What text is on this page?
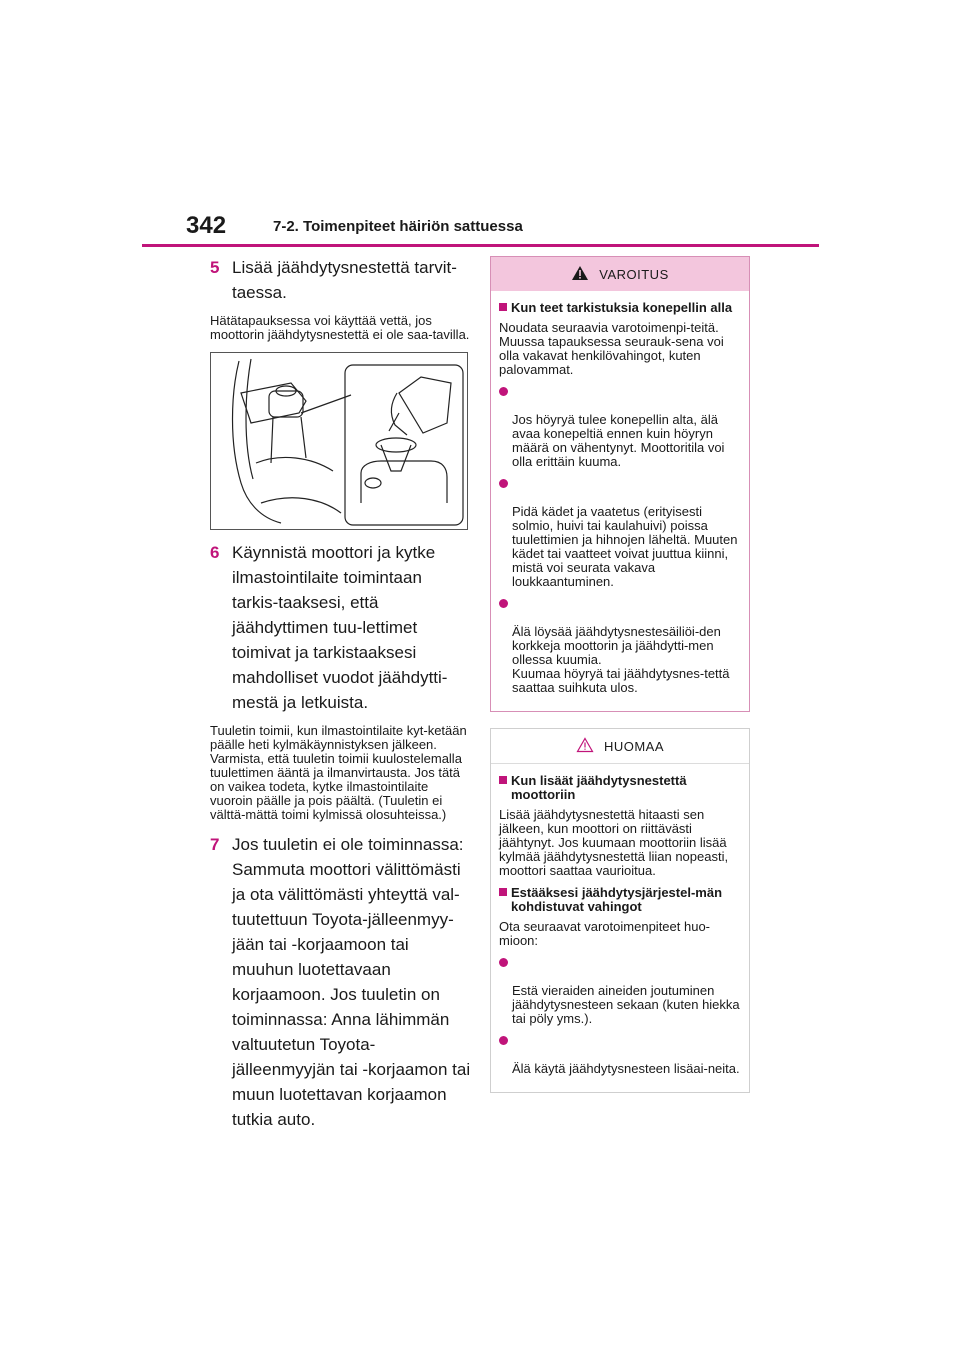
342	7-2. Toimenpiteet häiriön sattuessa
5 Lisää jäähdytysnestettä tarvit-taessa.
Hätätapauksessa voi käyttää vettä, jos moottorin jäähdytysnestettä ei ole saa-tavilla.
6 Käynnistä moottori ja kytke ilmastointilaite toimintaan tarkis-taaksesi, että jäähdyttimen tuu-lettimet toimivat ja tarkistaaksesi mahdolliset vuodot jäähdytti-mestä ja letkuista.
Tuuletin toimii, kun ilmastointilaite kyt-ketään päälle heti kylmäkäynnistyksen jälkeen. Varmista, että tuuletin toimii kuulostelemalla tuulettimen ääntä ja ilmanvirtausta. Jos tätä on vaikea todeta, kytke ilmastointilaite vuoroin päälle ja pois päältä. (Tuuletin ei välttä-mättä toimi kylmissä olosuhteissa.)
7 Jos tuuletin ei ole toiminnassa: Sammuta moottori välittömästi ja ota välittömästi yhteyttä val-tuutettuun Toyota-jälleenmyy-jään tai -korjaamoon tai muuhun luotettavaan korjaamoon. Jos tuuletin on toiminnassa: Anna lähimmän valtuutetun Toyota-jälleenmyyjän tai -korjaamon tai muun luotettavan korjaamon tutkia auto.
VAROITUS
Kun teet tarkistuksia konepellin alla
Noudata seuraavia varotoimenpi-teitä. Muussa tapauksessa seurauk-sena voi olla vakavat henkilövahingot, kuten palovammat.

Jos höyryä tulee konepellin alta, älä avaa konepeltiä ennen kuin höyryn määrä on vähentynyt. Moottoritila voi olla erittäin kuuma.

Pidä kädet ja vaatetus (erityisesti solmio, huivi tai kaulahuivi) poissa tuulettimien ja hihnojen läheltä. Muuten kädet tai vaatteet voivat juuttua kiinni, mistä voi seurata vakava loukkaantuminen.

Älä löysää jäähdytysnestesäiliöi-den korkkeja moottorin ja jäähdytti-men ollessa kuumia.
Kuumaa höyryä tai jäähdytysnes-tettä saattaa suihkuta ulos.

HUOMAA
Kun lisäät jäähdytysnestettä moottoriin
Lisää jäähdytysnestettä hitaasti sen jälkeen, kun moottori on riittävästi jäähtynyt. Jos kuumaan moottoriin lisää kylmää jäähdytysnestettä liian nopeasti, moottori saattaa vaurioitua.
Estääksesi jäähdytysjärjestel-män kohdistuvat vahingot
Ota seuraavat varotoimenpiteet huo-mioon:

Estä vieraiden aineiden joutuminen jäähdytysnesteen sekaan (kuten hiekka tai pöly yms.).

Älä käytä jäähdytysnesteen lisäai-neita.
